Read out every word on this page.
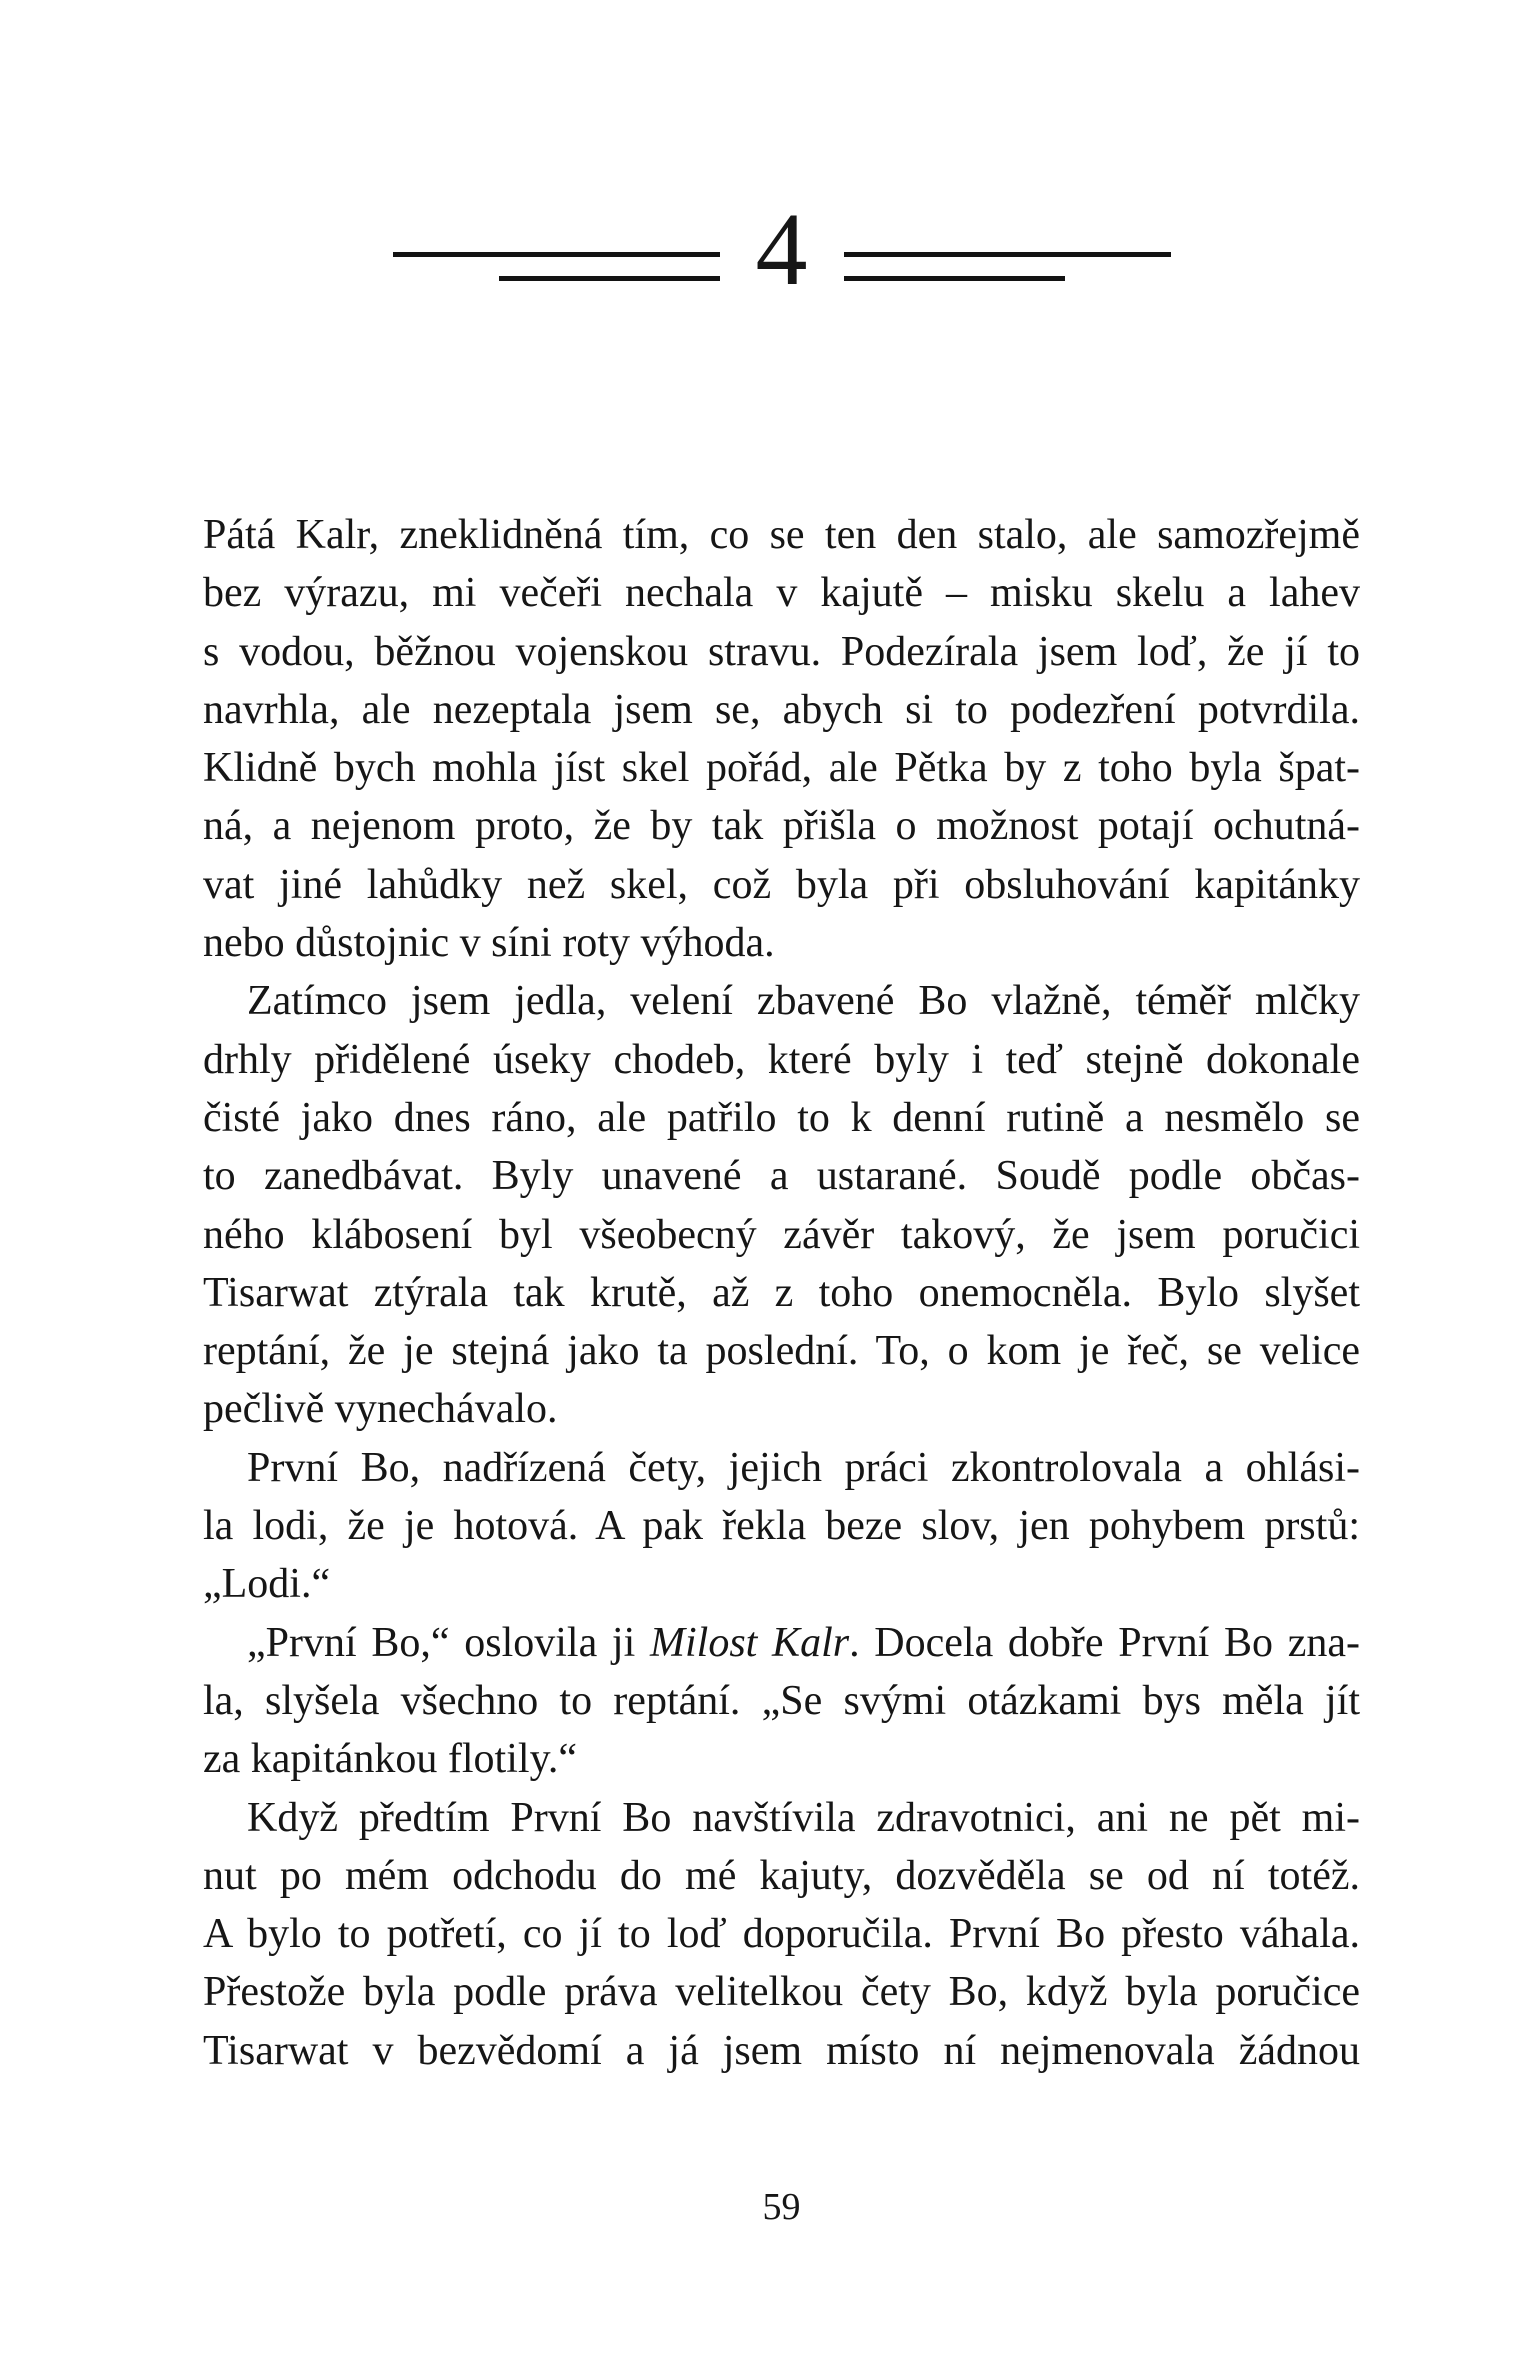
4
Pátá Kalr, zneklidněná tím, co se ten den stalo, ale samozřejmě
bez výrazu, mi večeři nechala v kajutě – misku skelu a lahev
s vodou, běžnou vojenskou stravu. Podezírala jsem loď, že jí to
navrhla, ale nezeptala jsem se, abych si to podezření potvrdila.
Klidně bych mohla jíst skel pořád, ale Pětka by z toho byla špat-
ná, a nejenom proto, že by tak přišla o možnost potají ochutná-
vat jiné lahůdky než skel, což byla při obsluhování kapitánky
nebo důstojnic v síni roty výhoda.
Zatímco jsem jedla, velení zbavené Bo vlažně, téměř mlčky
drhly přidělené úseky chodeb, které byly i teď stejně dokonale
čisté jako dnes ráno, ale patřilo to k denní rutině a nesmělo se
to zanedbávat. Byly unavené a ustarané. Soudě podle občas-
ného klábosení byl všeobecný závěr takový, že jsem poručici
Tisarwat ztýrala tak krutě, až z toho onemocněla. Bylo slyšet
reptání, že je stejná jako ta poslední. To, o kom je řeč, se velice
pečlivě vynechávalo.
První Bo, nadřízená čety, jejich práci zkontrolovala a ohlási-
la lodi, že je hotová. A pak řekla beze slov, jen pohybem prstů:
„Lodi.“
„První Bo,“ oslovila ji Milost Kalr. Docela dobře První Bo zna-
la, slyšela všechno to reptání. „Se svými otázkami bys měla jít
za kapitánkou flotily.“
Když předtím První Bo navštívila zdravotnici, ani ne pět mi-
nut po mém odchodu do mé kajuty, dozvěděla se od ní totéž.
A bylo to potřetí, co jí to loď doporučila. První Bo přesto váhala.
Přestože byla podle práva velitelkou čety Bo, když byla poručice
Tisarwat v bezvědomí a já jsem místo ní nejmenovala žádnou
59
